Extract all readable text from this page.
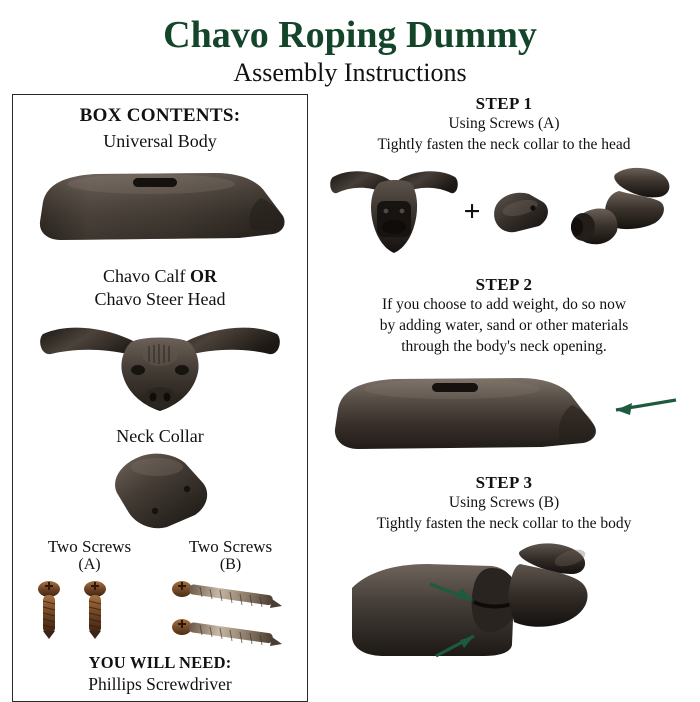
Chavo Roping Dummy
Assembly Instructions
BOX CONTENTS:
Universal Body
Chavo Calf OR
Chavo Steer Head
Neck Collar
Two Screws
(A)
Two Screws
(B)
YOU WILL NEED:
Phillips Screwdriver
STEP 1
Using Screws (A)
Tightly fasten the neck collar to the head
+
STEP 2
If you choose to add weight, do so now
by adding water, sand or other materials
through the body's neck opening.
STEP 3
Using Screws (B)
Tightly fasten the neck collar to the body
